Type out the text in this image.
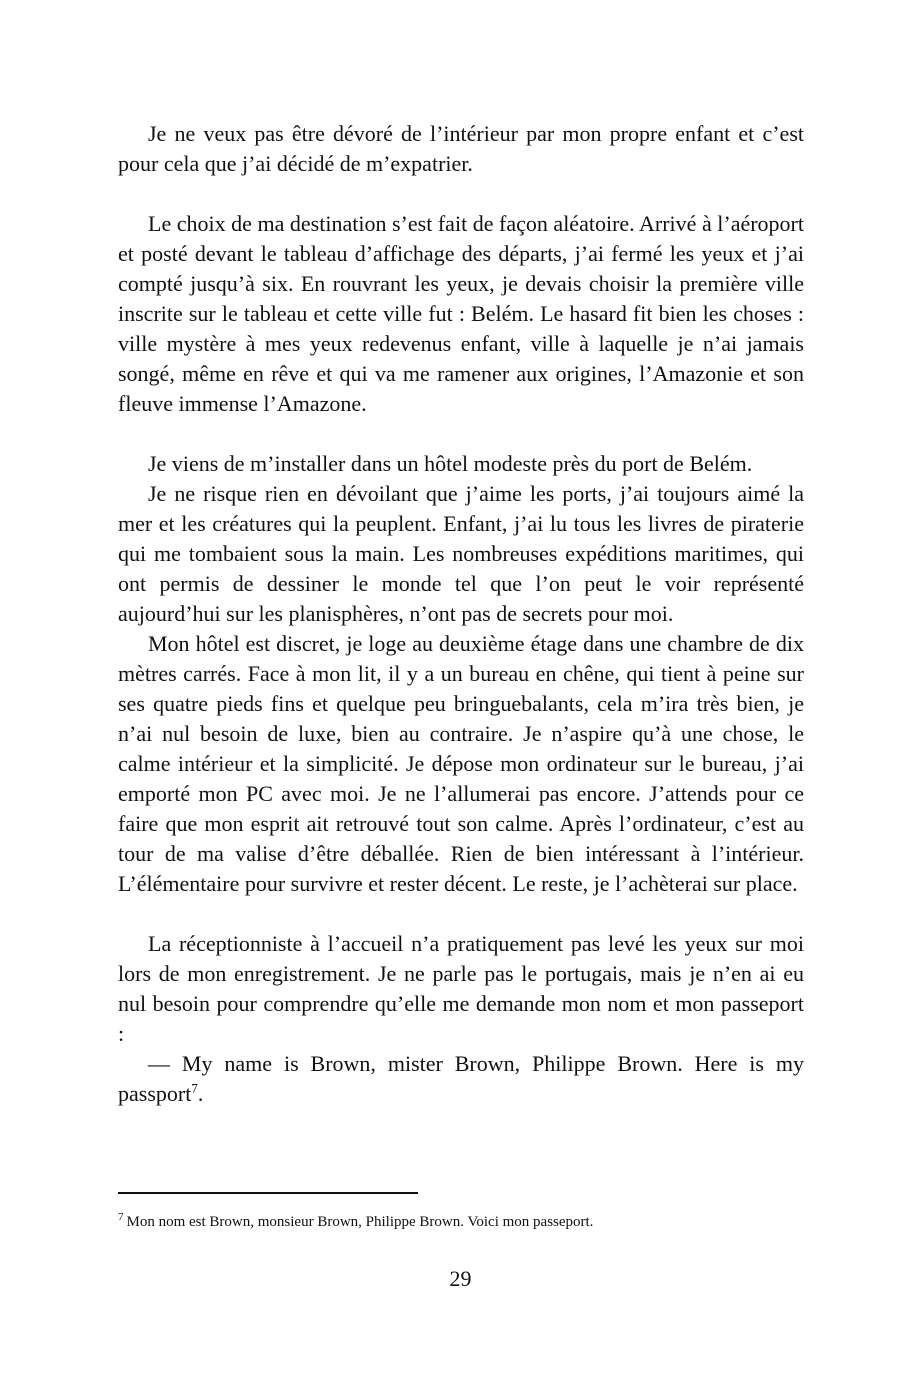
Je ne veux pas être dévoré de l’intérieur par mon propre enfant et c’est pour cela que j’ai décidé de m’expatrier.

Le choix de ma destination s’est fait de façon aléatoire. Arrivé à l’aéroport et posté devant le tableau d’affichage des départs, j’ai fermé les yeux et j’ai compté jusqu’à six. En rouvrant les yeux, je devais choisir la première ville inscrite sur le tableau et cette ville fut : Belém. Le hasard fit bien les choses : ville mystère à mes yeux redevenus enfant, ville à laquelle je n’ai jamais songé, même en rêve et qui va me ramener aux origines, l’Amazonie et son fleuve immense l’Amazone.

Je viens de m’installer dans un hôtel modeste près du port de Belém.

Je ne risque rien en dévoilant que j’aime les ports, j’ai toujours aimé la mer et les créatures qui la peuplent. Enfant, j’ai lu tous les livres de piraterie qui me tombaient sous la main. Les nombreuses expéditions maritimes, qui ont permis de dessiner le monde tel que l’on peut le voir représenté aujourd’hui sur les planisphères, n’ont pas de secrets pour moi.

Mon hôtel est discret, je loge au deuxième étage dans une chambre de dix mètres carrés. Face à mon lit, il y a un bureau en chêne, qui tient à peine sur ses quatre pieds fins et quelque peu bringuebalants, cela m’ira très bien, je n’ai nul besoin de luxe, bien au contraire. Je n’aspire qu’à une chose, le calme intérieur et la simplicité. Je dépose mon ordinateur sur le bureau, j’ai emporté mon PC avec moi. Je ne l’allumerai pas encore. J’attends pour ce faire que mon esprit ait retrouvé tout son calme. Après l’ordinateur, c’est au tour de ma valise d’être déballée. Rien de bien intéressant à l’intérieur. L’élémentaire pour survivre et rester décent. Le reste, je l’achèterai sur place.

La réceptionniste à l’accueil n’a pratiquement pas levé les yeux sur moi lors de mon enregistrement. Je ne parle pas le portugais, mais je n’en ai eu nul besoin pour comprendre qu’elle me demande mon nom et mon passeport :

— My name is Brown, mister Brown, Philippe Brown. Here is my passport$^7$.

$^7$ Mon nom est Brown, monsieur Brown, Philippe Brown. Voici mon passeport.
29
